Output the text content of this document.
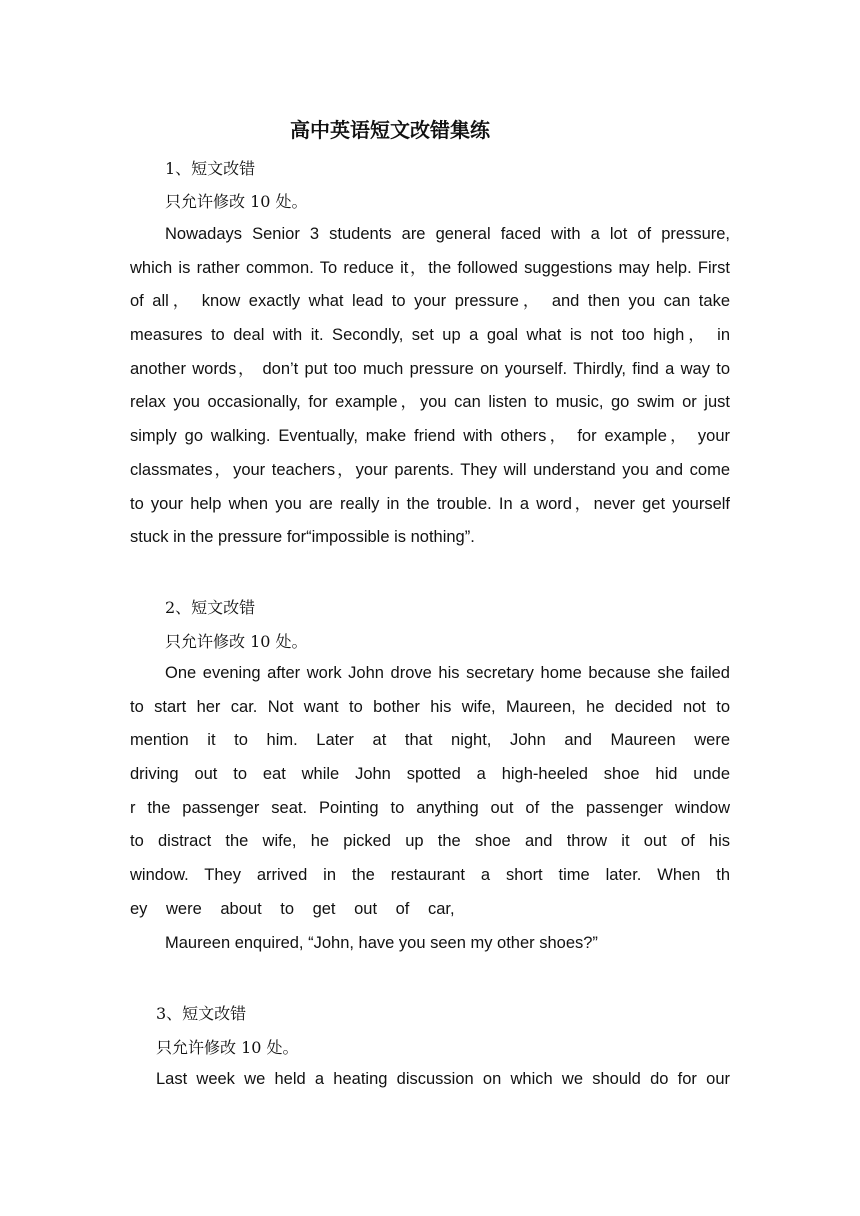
高中英语短文改错集练
1、短文改错
只允许修改 10 处。
Nowadays Senior 3 students are general faced with a lot of pressure,
which is rather common. To reduce it，the followed suggestions may help. First
of all， know exactly what lead to your pressure， and then you can take
measures to deal with it. Secondly, set up a goal what is not too high， in
another words， don’t put too much pressure on yourself. Thirdly, find a way to
relax you occasionally, for example，you can listen to music, go swim or just
simply go walking. Eventually, make friend with others， for example， your
classmates，your teachers，your parents. They will understand you and come
to your help when you are really in the trouble. In a word，never get yourself
stuck in the pressure for“impossible is nothing”.
2、短文改错
只允许修改 10 处。
One evening after work John drove his secretary home because she failed
to start her car. Not want to bother his wife, Maureen, he decided not to
mention it to him. Later at that night, John and Maureen were
driving out to eat while John spotted a high-heeled shoe hid unde
r the passenger seat. Pointing to anything out of the passenger window
to distract the wife, he picked up the shoe and throw it out of his
window. They arrived in the restaurant a short time later. When th
ey were about to get out of car,
Maureen enquired, “John, have you seen my other shoes?”
3、短文改错
只允许修改 10 处。
Last week we held a heating discussion on which we should do for our
